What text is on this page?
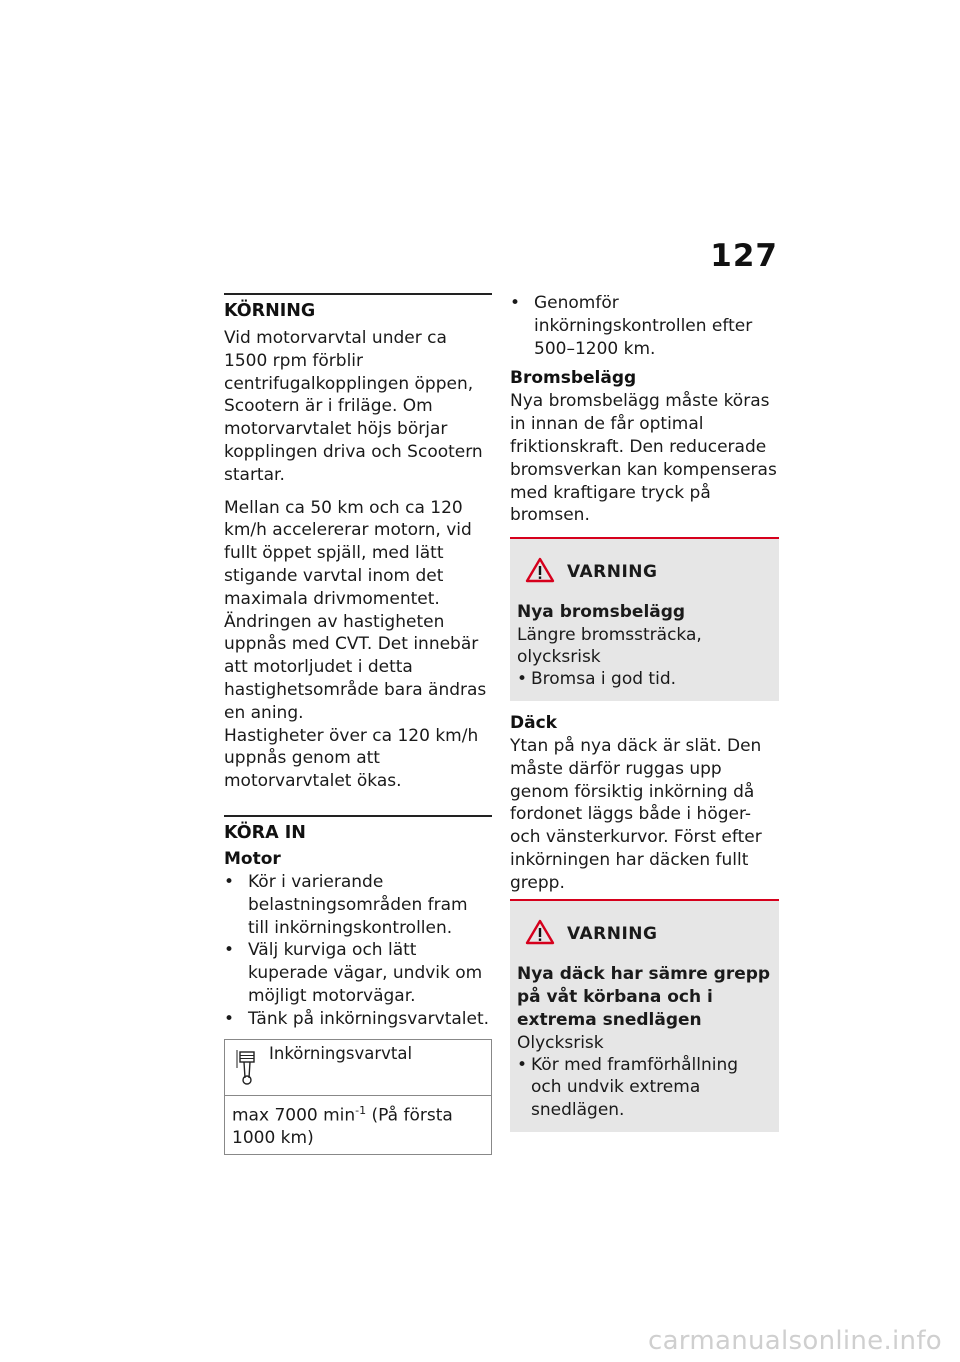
127
KÖRNING

Vid motorvarvtal under ca 1500 rpm förblir centrifugalkopplingen öppen, Scootern är i friläge. Om motorvarvtalet höjs börjar kopplingen driva och Scootern startar.

Mellan ca 50 km och ca 120 km/h accelererar motorn, vid fullt öppet spjäll, med lätt stigande varvtal inom det maximala drivmomentet. Ändringen av hastigheten uppnås med CVT. Det innebär att motorljudet i detta hastighetsområde bara ändras en aning.

Hastigheter över ca 120 km/h uppnås genom att motorvarvtalet ökas.

KÖRA IN
Motor
• Kör i varierande belastningsområden fram till inkörningskontrollen.
• Välj kurviga och lätt kuperade vägar, undvik om möjligt motorvägar.
• Tänk på inkörningsvarvtalet.
Inkörningsvarvtal
max 7000 $\min^{-1}$ (På första 1000 km)
• Genomför inkörningskontrollen efter 500–1200 km.
Bromsbelägg

Nya bromsbelägg måste köras in innan de får optimal friktionskraft. Den reducerade bromsverkan kan kompenseras med kraftigare tryck på bromsen.

VARNING
Nya bromsbelägg
Längre bromssträcka, olycksrisk
• Bromsa i god tid.
Däck

Ytan på nya däck är slät. Den måste därför ruggas upp genom försiktig inkörning då fordonet läggs både i höger- och vänsterkurvor. Först efter inkörningen har däcken fullt grepp.

VARNING
Nya däck har sämre grepp på våt körbana och i extrema snedlägen
Olycksrisk
• Kör med framförhållning och undvik extrema snedlägen.
carmanualsonline.info
